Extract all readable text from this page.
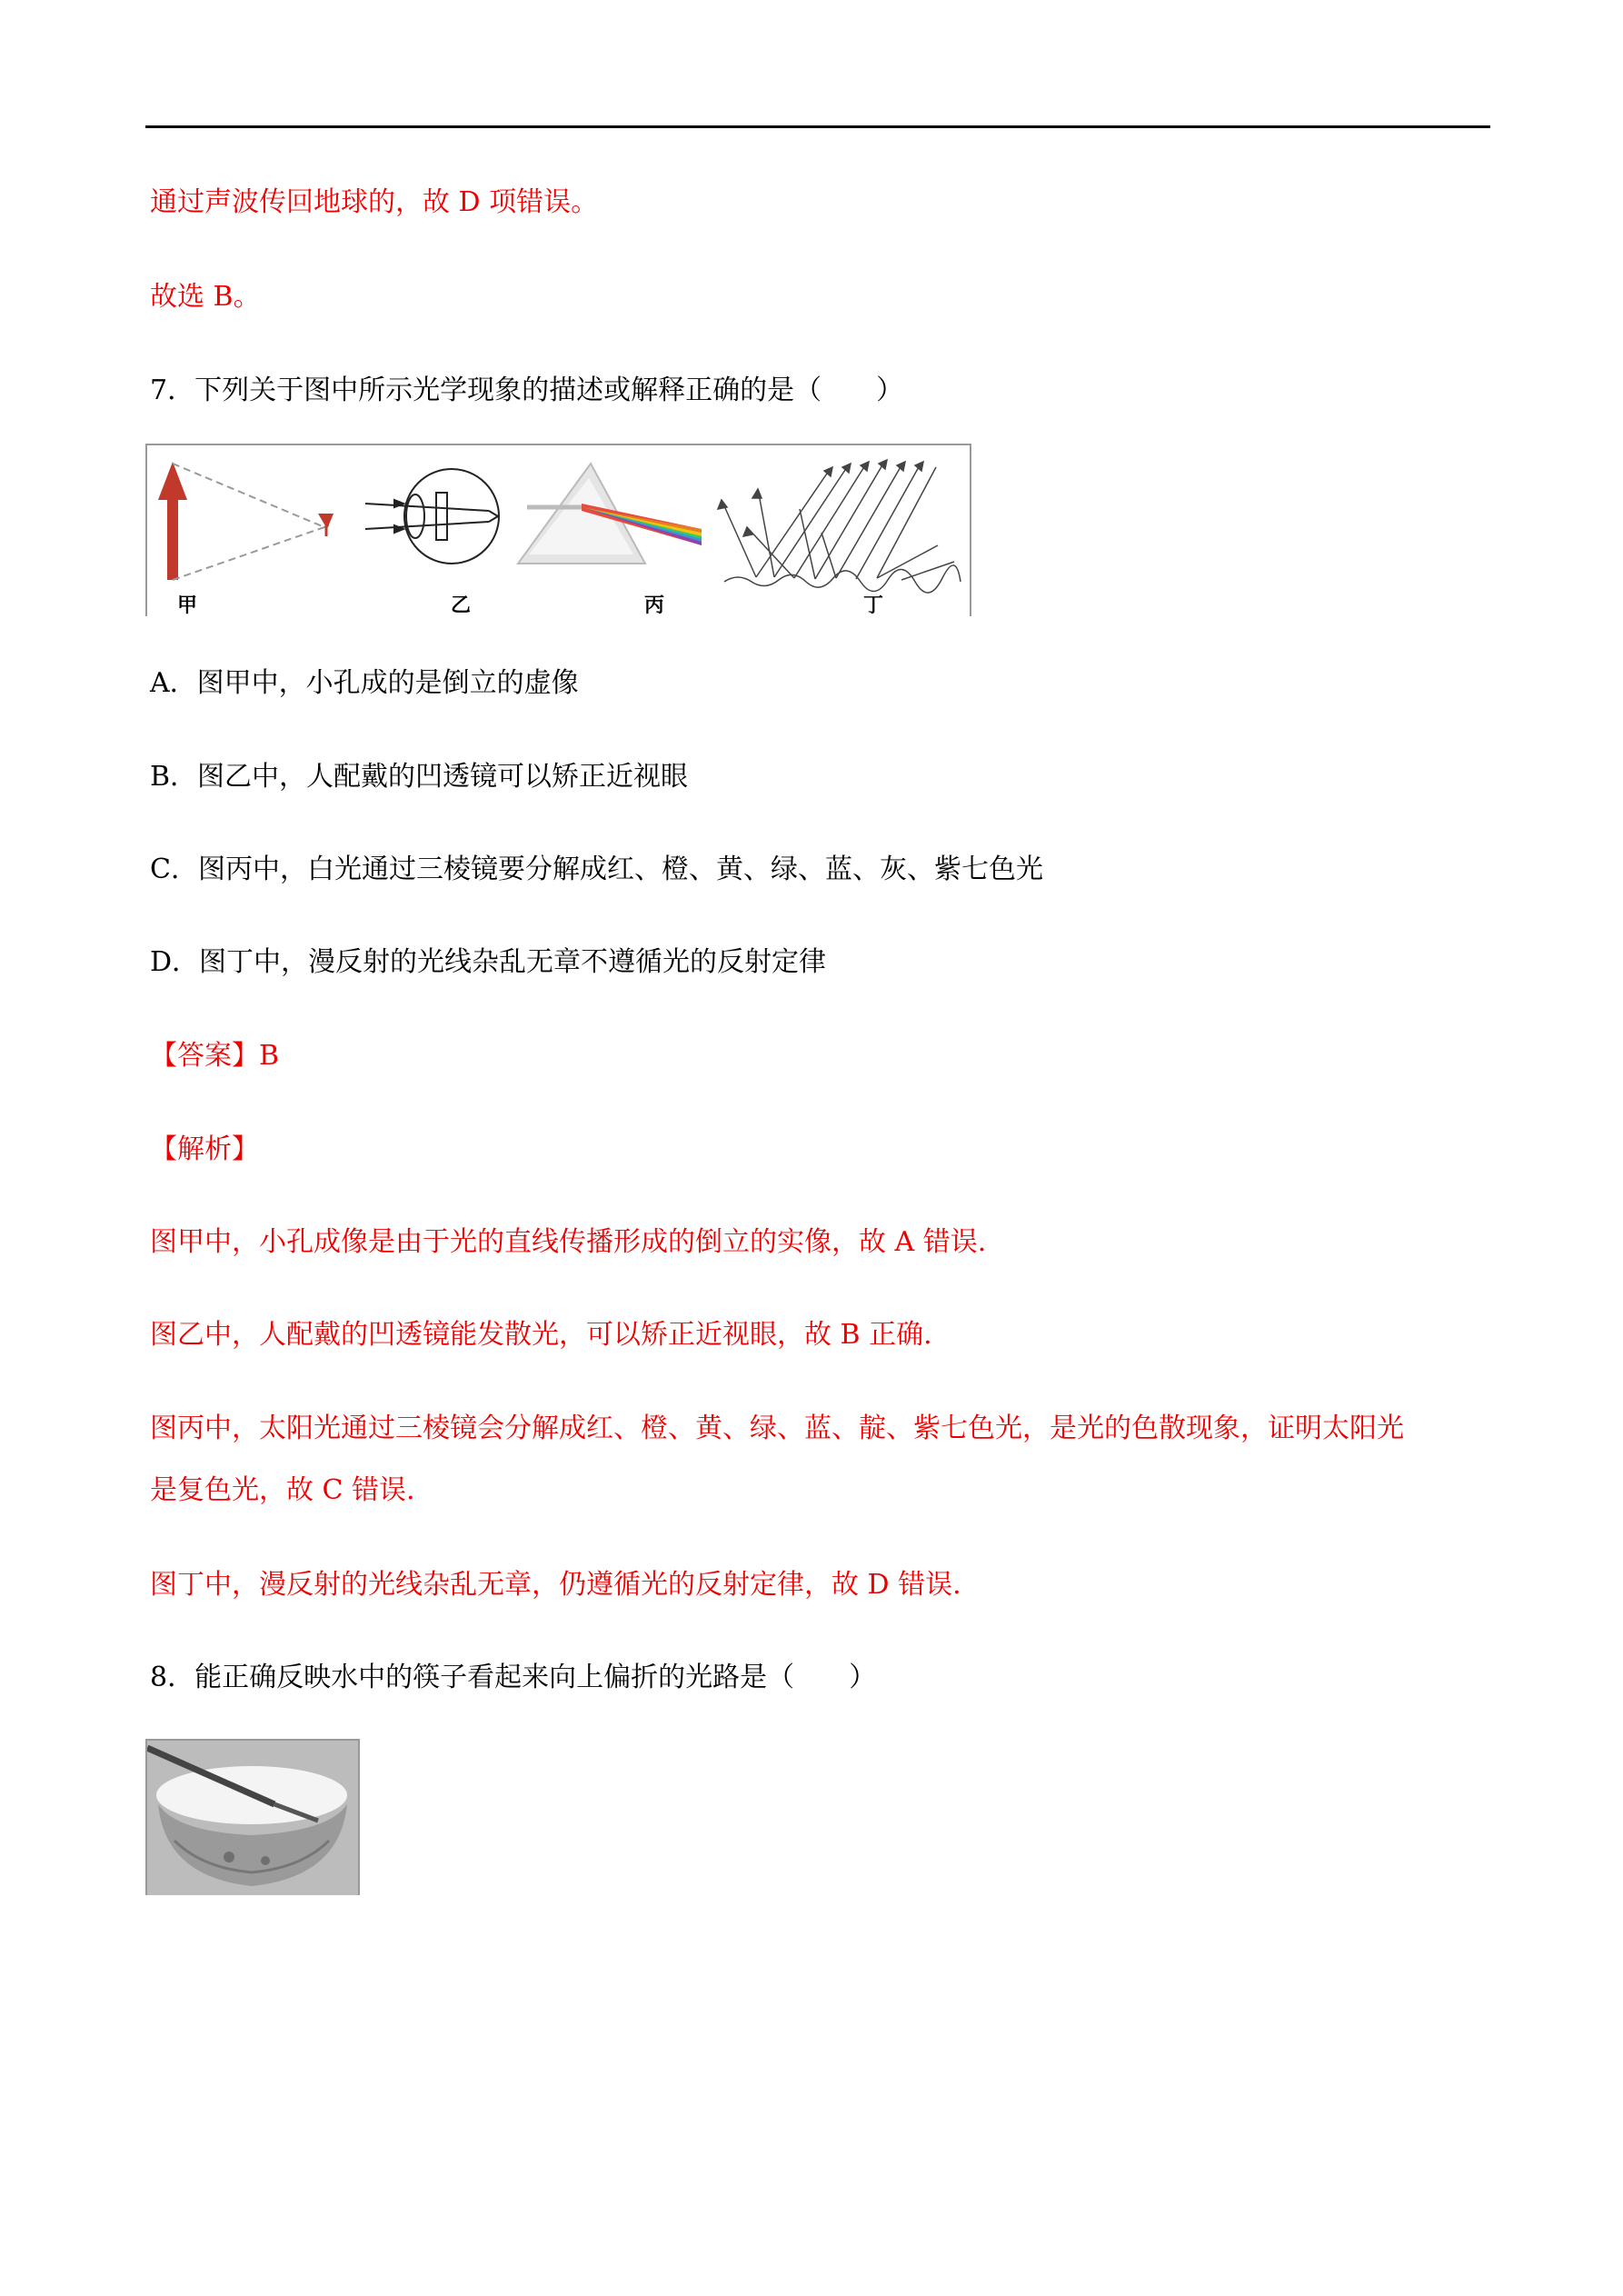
通过声波传回地球的，故 D 项错误。
故选 B。
7．下列关于图中所示光学现象的描述或解释正确的是（　　）
甲	乙	丙	丁
A．图甲中，小孔成的是倒立的虚像
B．图乙中，人配戴的凹透镜可以矫正近视眼
C．图丙中，白光通过三棱镜要分解成红、橙、黄、绿、蓝、灰、紫七色光
D．图丁中，漫反射的光线杂乱无章不遵循光的反射定律
【答案】B
【解析】
图甲中，小孔成像是由于光的直线传播形成的倒立的实像，故 A 错误.
图乙中，人配戴的凹透镜能发散光，可以矫正近视眼，故 B 正确.
图丙中，太阳光通过三棱镜会分解成红、橙、黄、绿、蓝、靛、紫七色光，是光的色散现象，证明太阳光
是复色光，故 C 错误.
图丁中，漫反射的光线杂乱无章，仍遵循光的反射定律，故 D 错误.
8．能正确反映水中的筷子看起来向上偏折的光路是（　　）
